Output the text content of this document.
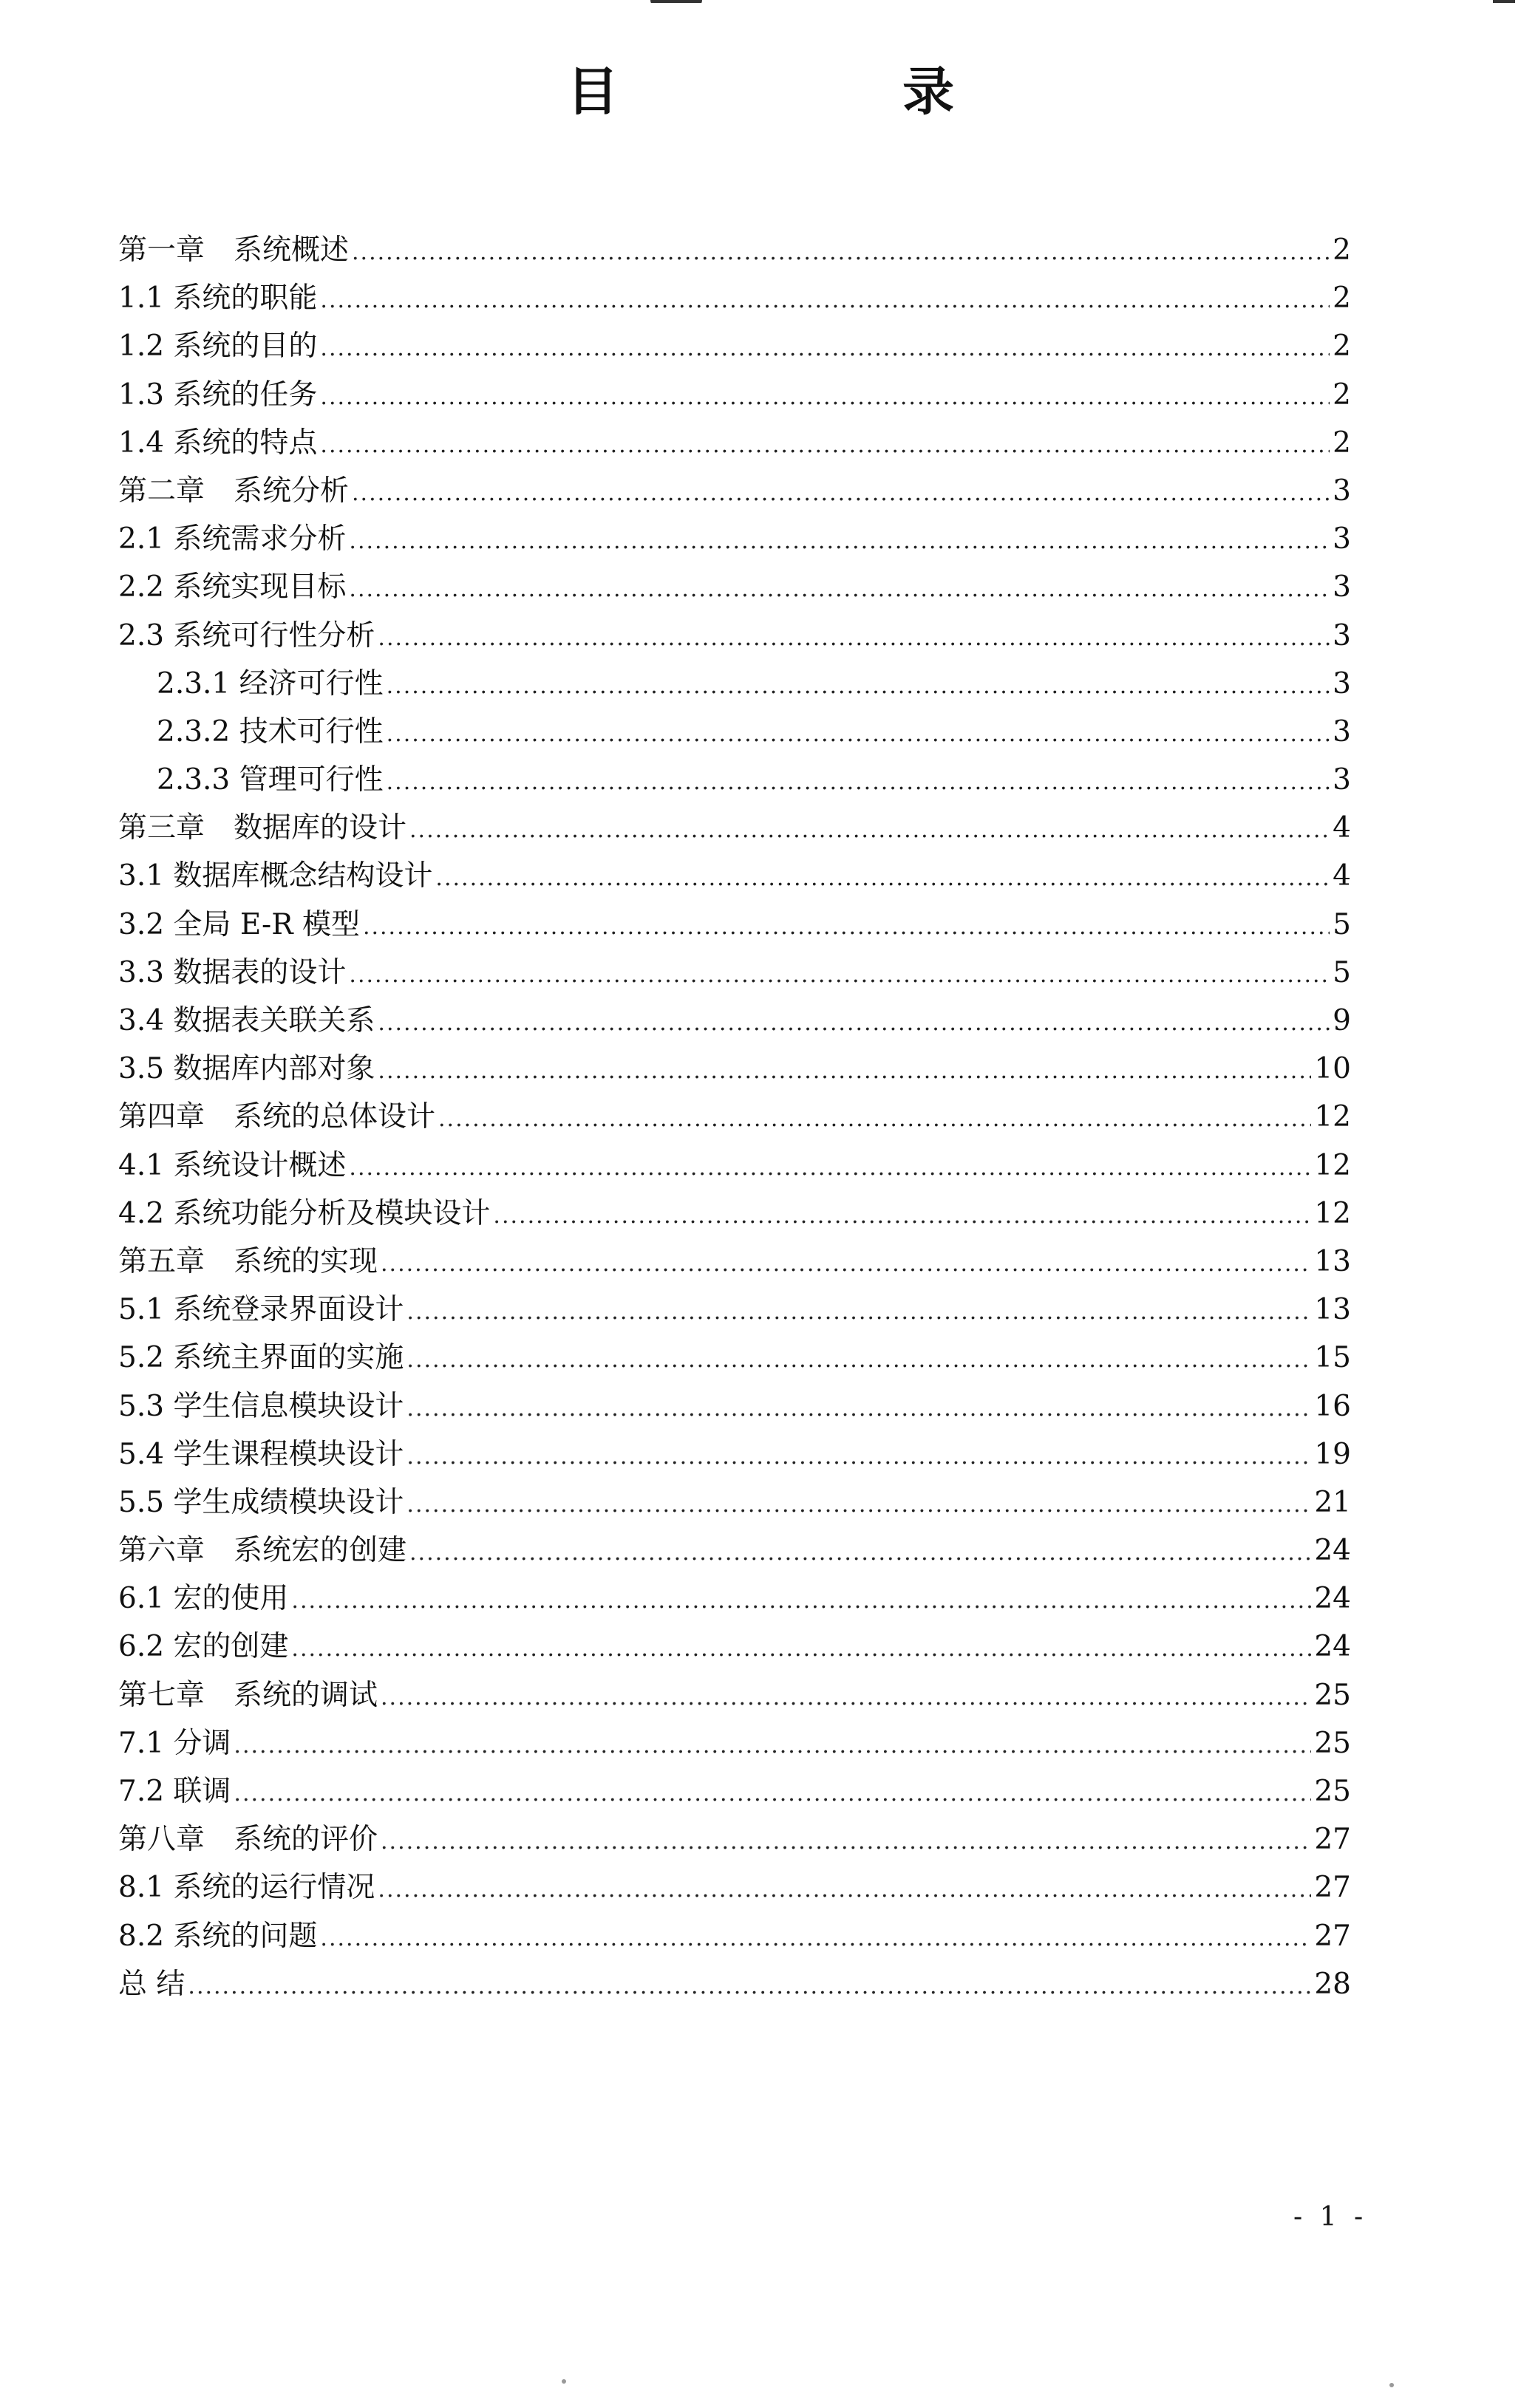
目 录
第一章　系统概述 .....	2
1.1 系统的职能 .....	2
1.2 系统的目的 .....	2
1.3 系统的任务 .....	2
1.4 系统的特点 .....	2
第二章　系统分析 .....	3
2.1 系统需求分析 .....	3
2.2 系统实现目标 .....	3
2.3 系统可行性分析 .....	3
2.3.1 经济可行性 .....	3
2.3.2 技术可行性 .....	3
2.3.3 管理可行性 .....	3
第三章　数据库的设计 .....	4
3.1 数据库概念结构设计 .....	4
3.2 全局 E-R 模型 .....	5
3.3 数据表的设计 .....	5
3.4 数据表关联关系 .....	9
3.5 数据库内部对象 .....	10
第四章　系统的总体设计 .....	12
4.1 系统设计概述 .....	12
4.2 系统功能分析及模块设计 .....	12
第五章　系统的实现 .....	13
5.1 系统登录界面设计 .....	13
5.2 系统主界面的实施 .....	15
5.3 学生信息模块设计 .....	16
5.4 学生课程模块设计 .....	19
5.5 学生成绩模块设计 .....	21
第六章　系统宏的创建 .....	24
6.1 宏的使用 .....	24
6.2 宏的创建 .....	24
第七章　系统的调试 .....	25
7.1 分调 .....	25
7.2 联调 .....	25
第八章　系统的评价 .....	27
8.1 系统的运行情况 .....	27
8.2 系统的问题 .....	27
总 结 .....	28
- 1 -
